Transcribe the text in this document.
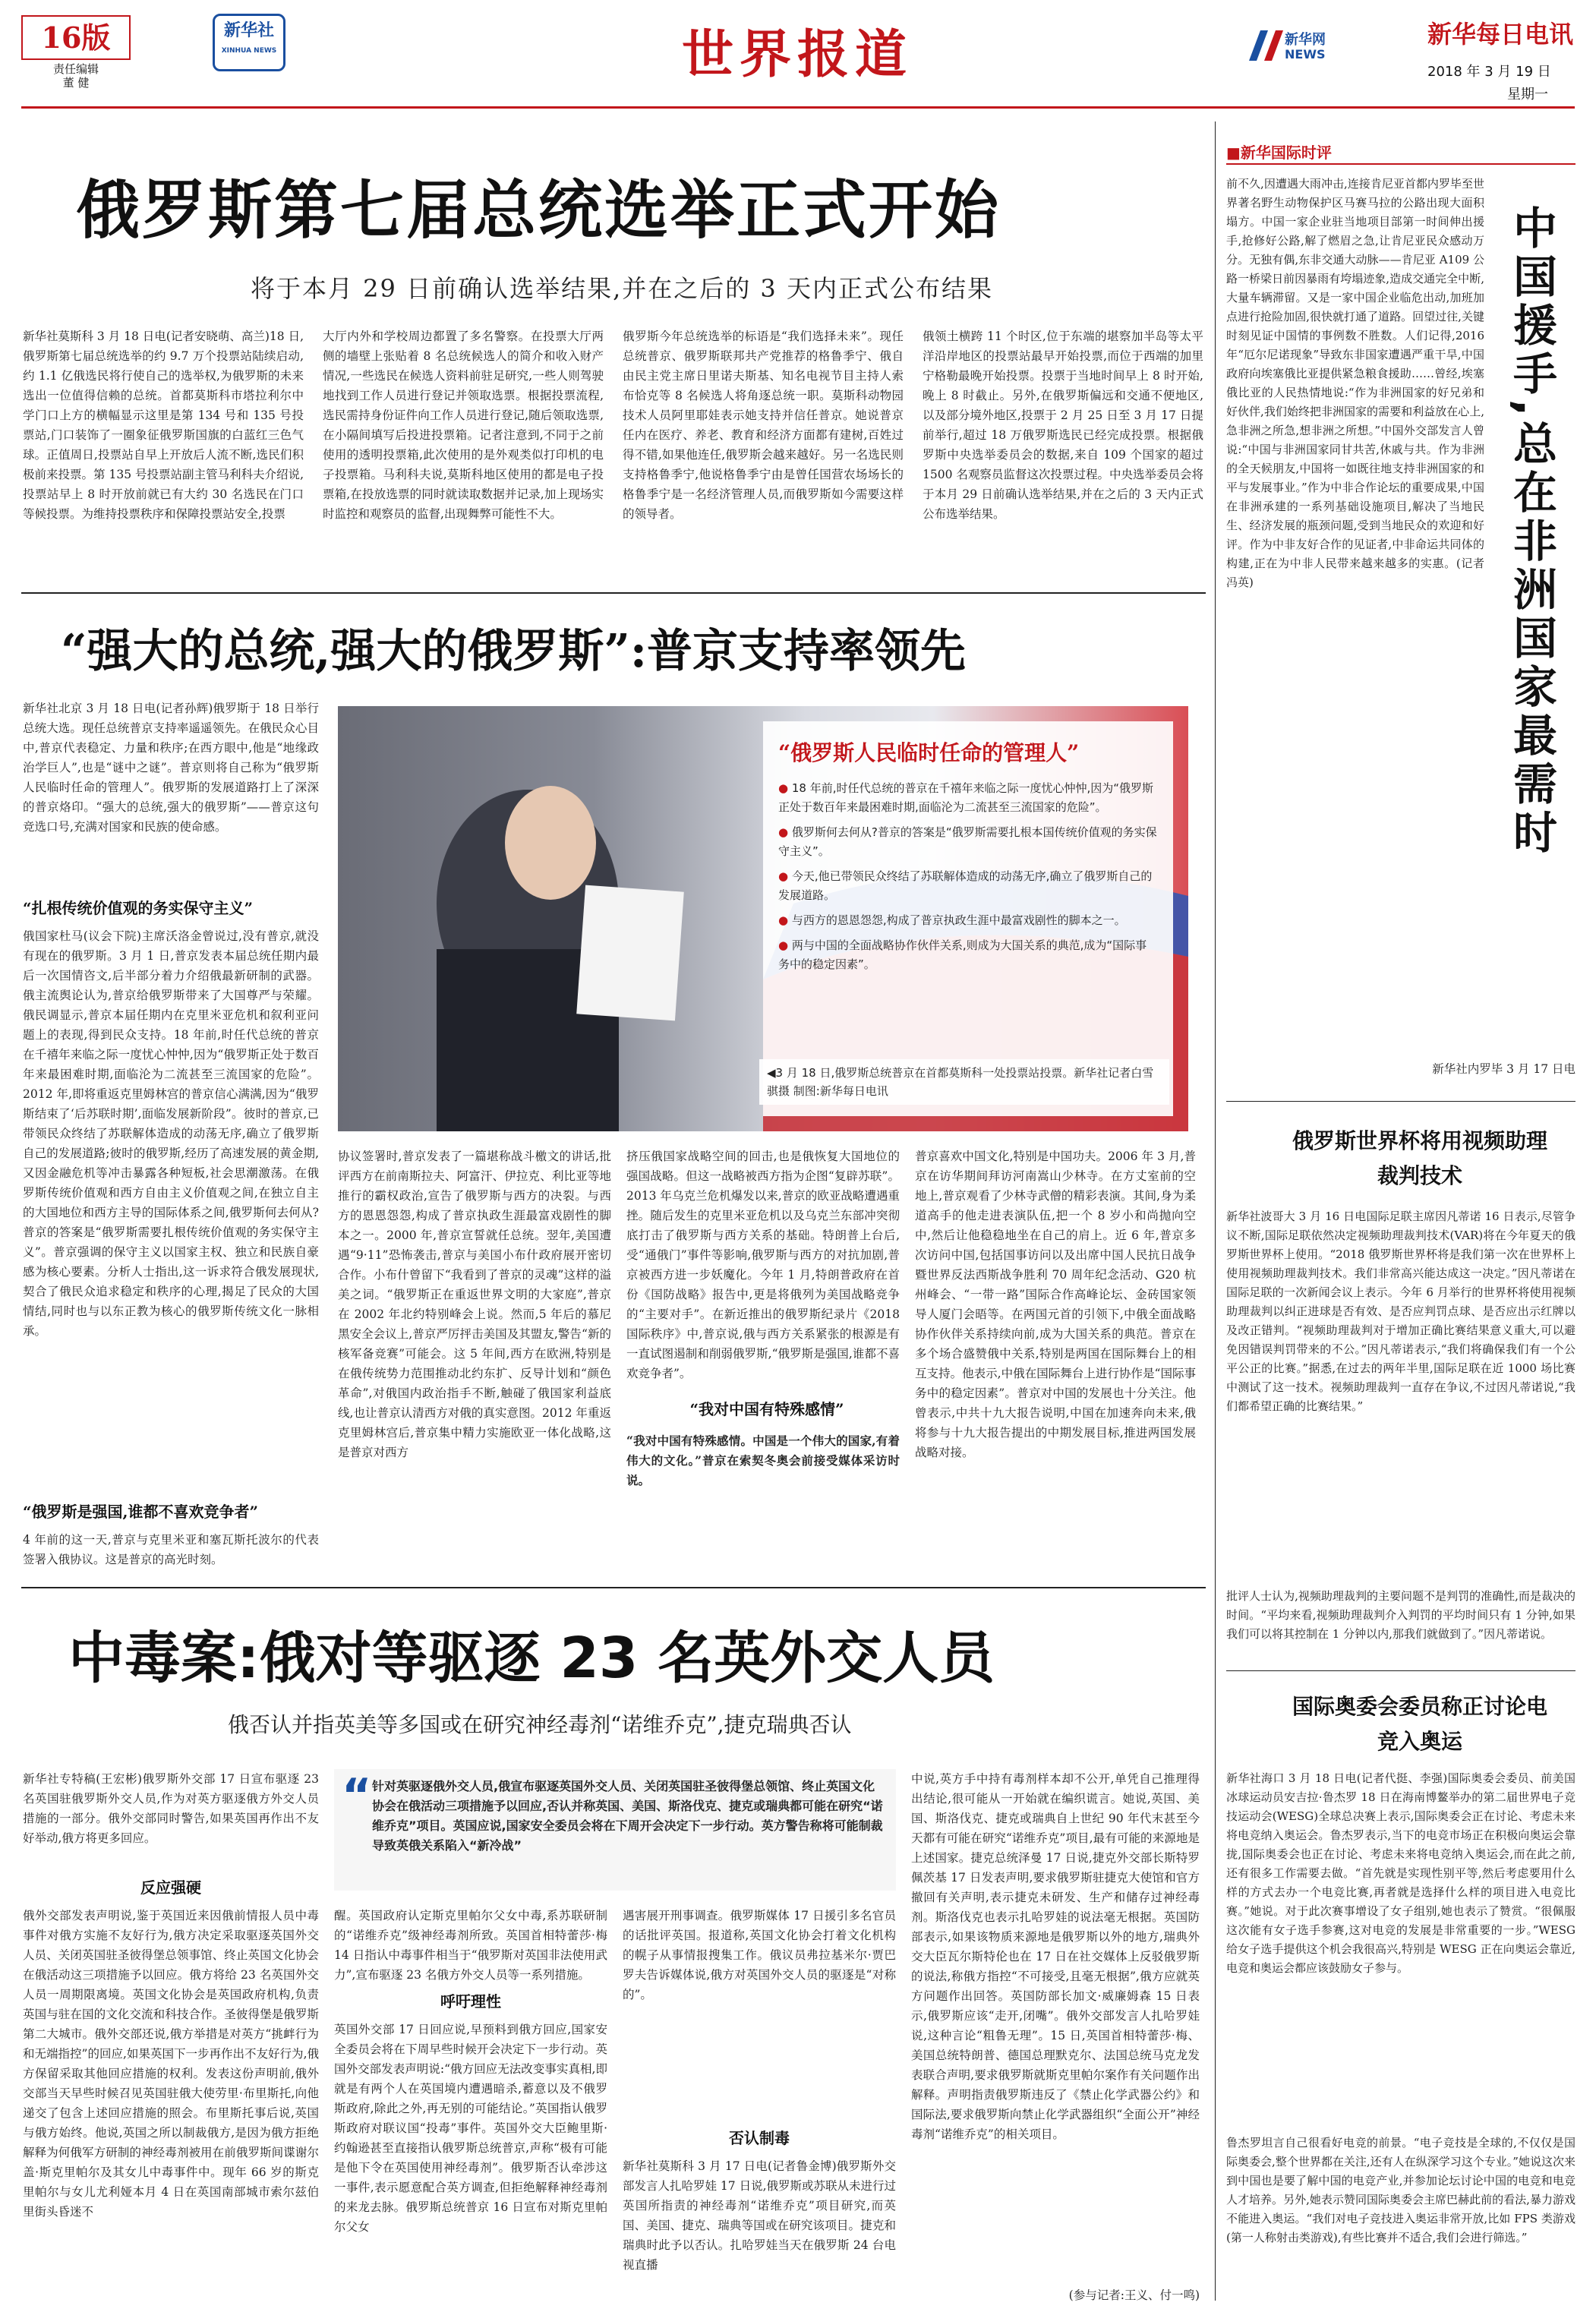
16版
责任编辑
董 健
新华社
XINHUA NEWS	世界报道	新华网
NEWS
新华每日电讯
2018 年 3 月 19 日
星期一
俄罗斯第七届总统选举正式开始
将于本月 29 日前确认选举结果,并在之后的 3 天内正式公布结果
新华社莫斯科 3 月 18 日电(记者安晓萌、高兰)18 日,俄罗斯第七届总统选举的约 9.7 万个投票站陆续启动,约 1.1 亿俄选民将行使自己的选举权,为俄罗斯的未来选出一位值得信赖的总统。首都莫斯科市塔拉利尔中学门口上方的横幅显示这里是第 134 号和 135 号投票站,门口装饰了一圈象征俄罗斯国旗的白蓝红三色气球。正值周日,投票站自早上开放后人流不断,选民们积极前来投票。第 135 号投票站副主管马利科夫介绍说,投票站早上 8 时开放前就已有大约 30 名选民在门口等候投票。为维持投票秩序和保障投票站安全,投票
大厅内外和学校周边都置了多名警察。在投票大厅两侧的墙壁上张贴着 8 名总统候选人的简介和收入财产情况,一些选民在候选人资料前驻足研究,一些人则驾驶地找到工作人员进行登记并领取选票。根据投票流程,选民需持身份证件向工作人员进行登记,随后领取选票,在小隔间填写后投进投票箱。记者注意到,不同于之前使用的透明投票箱,此次使用的是外观类似打印机的电子投票箱。马利科夫说,莫斯科地区使用的都是电子投票箱,在投放选票的同时就读取数据并记录,加上现场实时监控和观察员的监督,出现舞弊可能性不大。
俄罗斯今年总统选举的标语是“我们选择未来”。现任总统普京、俄罗斯联邦共产党推荐的格鲁季宁、俄自由民主党主席日里诺夫斯基、知名电视节目主持人索布恰克等 8 名候选人将角逐总统一职。莫斯科动物园技术人员阿里耶娃表示她支持并信任普京。她说普京任内在医疗、养老、教育和经济方面都有建树,百姓过得不错,如果他连任,俄罗斯会越来越好。另一名选民则支持格鲁季宁,他说格鲁季宁由是曾任国营农场场长的格鲁季宁是一名经济管理人员,而俄罗斯如今需要这样的领导者。
俄领土横跨 11 个时区,位于东端的堪察加半岛等太平洋沿岸地区的投票站最早开始投票,而位于西端的加里宁格勒最晚开始投票。投票于当地时间早上 8 时开始,晚上 8 时截止。另外,在俄罗斯偏远和交通不便地区,以及部分境外地区,投票于 2 月 25 日至 3 月 17 日提前举行,超过 18 万俄罗斯选民已经完成投票。根据俄罗斯中央选举委员会的数据,来自 109 个国家的超过 1500 名观察员监督这次投票过程。中央选举委员会将于本月 29 日前确认选举结果,并在之后的 3 天内正式公布选举结果。
“强大的总统,强大的俄罗斯”:普京支持率领先
新华社北京 3 月 18 日电(记者孙辉)俄罗斯于 18 日举行总统大选。现任总统普京支持率遥遥领先。在俄民众心目中,普京代表稳定、力量和秩序;在西方眼中,他是“地缘政治学巨人”,也是“谜中之谜”。普京则将自己称为“俄罗斯人民临时任命的管理人”。俄罗斯的发展道路打上了深深的普京烙印。“强大的总统,强大的俄罗斯”——普京这句竞选口号,充满对国家和民族的使命感。
“扎根传统价值观的务实保守主义”
俄国家杜马(议会下院)主席沃洛金曾说过,没有普京,就没有现在的俄罗斯。3 月 1 日,普京发表本届总统任期内最后一次国情咨文,后半部分着力介绍俄最新研制的武器。俄主流舆论认为,普京给俄罗斯带来了大国尊严与荣耀。俄民调显示,普京本届任期内在克里米亚危机和叙利亚问题上的表现,得到民众支持。18 年前,时任代总统的普京在千禧年来临之际一度忧心忡忡,因为“俄罗斯正处于数百年来最困难时期,面临沦为二流甚至三流国家的危险”。2012 年,即将重返克里姆林宫的普京信心满满,因为“俄罗斯结束了‘后苏联时期’,面临发展新阶段”。彼时的普京,已带领民众终结了苏联解体造成的动荡无序,确立了俄罗斯自己的发展道路;彼时的俄罗斯,经历了高速发展的黄金期,又因金融危机等冲击暴露各种短板,社会思潮激荡。在俄罗斯传统价值观和西方自由主义价值观之间,在独立自主的大国地位和西方主导的国际体系之间,俄罗斯何去何从?普京的答案是“俄罗斯需要扎根传统价值观的务实保守主义”。普京强调的保守主义以国家主权、独立和民族自豪感为核心要素。分析人士指出,这一诉求符合俄发展现状,契合了俄民众追求稳定和秩序的心理,揭足了民众的大国情结,同时也与以东正教为核心的俄罗斯传统文化一脉相承。
“俄罗斯是强国,谁都不喜欢竞争者”
4 年前的这一天,普京与克里米亚和塞瓦斯托波尔的代表签署入俄协议。这是普京的高光时刻。
“俄罗斯人民临时任命的管理人”
● 18 年前,时任代总统的普京在千禧年来临之际一度忧心忡忡,因为“俄罗斯正处于数百年来最困难时期,面临沦为二流甚至三流国家的危险”。
● 俄罗斯何去何从?普京的答案是“俄罗斯需要扎根本国传统价值观的务实保守主义”。
● 今天,他已带领民众终结了苏联解体造成的动荡无序,确立了俄罗斯自己的发展道路。
● 与西方的恩恩怨怨,构成了普京执政生涯中最富戏剧性的脚本之一。
● 两与中国的全面战略协作伙伴关系,则成为大国关系的典范,成为“国际事务中的稳定因素”。
◀3 月 18 日,俄罗斯总统普京在首都莫斯科一处投票站投票。新华社记者白雪骐摄 制图:新华每日电讯
协议签署时,普京发表了一篇堪称战斗檄文的讲话,批评西方在前南斯拉夫、阿富汗、伊拉克、利比亚等地推行的霸权政治,宣告了俄罗斯与西方的决裂。与西方的恩恩怨怨,构成了普京执政生涯最富戏剧性的脚本之一。2000 年,普京宣誓就任总统。翌年,美国遭遇“9·11”恐怖袭击,普京与美国小布什政府展开密切合作。小布什曾留下“我看到了普京的灵魂”这样的溢美之词。“俄罗斯正在重返世界文明的大家庭”,普京在 2002 年北约特别峰会上说。然而,5 年后的慕尼黑安全会议上,普京严厉抨击美国及其盟友,警告“新的核军备竞赛”可能会。这 5 年间,西方在欧洲,特别是在俄传统势力范围推动北约东扩、反导计划和“颜色革命”,对俄国内政治指手不断,触碰了俄国家利益底线,也让普京认清西方对俄的真实意图。2012 年重返克里姆林宫后,普京集中精力实施欧亚一体化战略,这是普京对西方
挤压俄国家战略空间的回击,也是俄恢复大国地位的强国战略。但这一战略被西方指为企图“复辟苏联”。2013 年乌克兰危机爆发以来,普京的欧亚战略遭遇重挫。随后发生的克里米亚危机以及乌克兰东部冲突彻底打击了俄罗斯与西方关系的基础。特朗普上台后,受“通俄门”事件等影响,俄罗斯与西方的对抗加剧,普京被西方进一步妖魔化。今年 1 月,特朗普政府在首份《国防战略》报告中,更是将俄列为美国战略竞争的“主要对手”。在新近推出的俄罗斯纪录片《2018 国际秩序》中,普京说,俄与西方关系紧张的根源是有一直试图遏制和削弱俄罗斯,“俄罗斯是强国,谁都不喜欢竞争者”。
“我对中国有特殊感情”
“我对中国有特殊感情。中国是一个伟大的国家,有着伟大的文化。”普京在索契冬奥会前接受媒体采访时说。
普京喜欢中国文化,特别是中国功夫。2006 年 3 月,普京在访华期间拜访河南嵩山少林寺。在方丈室前的空地上,普京观看了少林寺武僧的精彩表演。其间,身为柔道高手的他走进表演队伍,把一个 8 岁小和尚抛向空中,然后让他稳稳地坐在自己的肩上。近 6 年,普京多次访问中国,包括国事访问以及出席中国人民抗日战争暨世界反法西斯战争胜利 70 周年纪念活动、G20 杭州峰会、“一带一路”国际合作高峰论坛、金砖国家领导人厦门会晤等。在两国元首的引领下,中俄全面战略协作伙伴关系持续向前,成为大国关系的典范。普京在多个场合盛赞俄中关系,特别是两国在国际舞台上的相互支持。他表示,中俄在国际舞台上进行协作是“国际事务中的稳定因素”。普京对中国的发展也十分关注。他曾表示,中共十九大报告说明,中国在加速奔向未来,俄将参与十九大报告提出的中期发展目标,推进两国发展战略对接。
中毒案:俄对等驱逐 23 名英外交人员
俄否认并指英美等多国或在研究神经毒剂“诺维乔克”,捷克瑞典否认
新华社专特稿(王宏彬)俄罗斯外交部 17 日宣布驱逐 23 名英国驻俄罗斯外交人员,作为对英方驱逐俄方外交人员措施的一部分。俄外交部同时警告,如果英国再作出不友好举动,俄方将更多回应。
反应强硬
俄外交部发表声明说,鉴于英国近来因俄前情报人员中毒事件对俄方实施不友好行为,俄方决定采取驱逐英国外交人员、关闭英国驻圣彼得堡总领事馆、终止英国文化协会在俄活动这三项措施予以回应。俄方将给 23 名英国外交人员一周期限离境。英国文化协会是英国政府机构,负责英国与驻在国的文化交流和科技合作。圣彼得堡是俄罗斯第二大城市。俄外交部还说,俄方举措是对英方“挑衅行为和无端指控”的回应,如果英国下一步再作出不友好行为,俄方保留采取其他回应措施的权利。发表这份声明前,俄外交部当天早些时候召见英国驻俄大使劳里·布里斯托,向他递交了包含上述回应措施的照会。布里斯托事后说,英国与俄方始终。他说,英国之所以制裁俄方,是因为俄方拒绝解释为何俄军方研制的神经毒剂被用在前俄罗斯间谍谢尔盖·斯克里帕尔及其女儿中毒事件中。现年 66 岁的斯克里帕尔与女儿尤利娅本月 4 日在英国南部城市索尔兹伯里街头昏迷不
“ 针对英驱逐俄外交人员,俄宣布驱逐英国外交人员、关闭英国驻圣彼得堡总领馆、终止英国文化协会在俄活动三项措施予以回应,否认并称英国、美国、斯洛伐克、捷克或瑞典都可能在研究“诺维乔克”项目。英国应说,国家安全委员会将在下周开会决定下一步行动。英方警告称将可能制裁导致英俄关系陷入“新冷战”
醒。英国政府认定斯克里帕尔父女中毒,系苏联研制的“诺维乔克”级神经毒剂所致。英国首相特蕾莎·梅 14 日指认中毒事件相当于“俄罗斯对英国非法使用武力”,宣布驱逐 23 名俄方外交人员等一系列措施。
呼吁理性
英国外交部 17 日回应说,早预料到俄方回应,国家安全委员会将在下周早些时候开会决定下一步行动。英国外交部发表声明说:“俄方回应无法改变事实真相,即就是有两个人在英国境内遭遇暗杀,蓄意以及不俄罗斯政府,除此之外,再无别的可能结论。”英国指认俄罗斯政府对联议国“投毒”事件。英国外交大臣鲍里斯·约翰逊甚至直接指认俄罗斯总统普京,声称“极有可能是他下令在英国使用神经毒剂”。俄罗斯否认牵涉这一事件,表示愿意配合英方调查,但拒绝解释神经毒剂的来龙去脉。俄罗斯总统普京 16 日宣布对斯克里帕尔父女
遇害展开刑事调查。俄罗斯媒体 17 日援引多名官员的话批评英国。报道称,英国文化协会打着文化机构的幌子从事情报搜集工作。俄议员弗拉基米尔·贾巴罗夫告诉媒体说,俄方对英国外交人员的驱逐是“对称的”。
否认制毒
新华社莫斯科 3 月 17 日电(记者鲁金博)俄罗斯外交部发言人扎哈罗娃 17 日说,俄罗斯或苏联从未进行过英国所指责的神经毒剂“诺维乔克”项目研究,而英国、美国、捷克、瑞典等国或在研究该项目。捷克和瑞典时此予以否认。扎哈罗娃当天在俄罗斯 24 台电视直播
中说,英方手中持有毒剂样本却不公开,单凭自己推理得出结论,很可能从一开始就在编织谎言。她说,英国、美国、斯洛伐克、捷克或瑞典自上世纪 90 年代末甚至今天都有可能在研究“诺维乔克”项目,最有可能的来源地是上述国家。捷克总统泽曼 17 日说,捷克外交部长斯特罗佩茨基 17 日发表声明,要求俄罗斯驻捷克大使馆和官方撤回有关声明,表示捷克未研发、生产和储存过神经毒剂。斯洛伐克也表示扎哈罗娃的说法毫无根据。英国防部表示,如果该物质来源地是俄罗斯以外的地方,瑞典外交大臣瓦尔斯特伦也在 17 日在社交媒体上反驳俄罗斯的说法,称俄方指控“不可接受,且毫无根据”,俄方应就英方问题作出回答。英国防部长加文·威廉姆森 15 日表示,俄罗斯应该“走开,闭嘴”。俄外交部发言人扎哈罗娃说,这种言论“粗鲁无理”。15 日,英国首相特蕾莎·梅、美国总统特朗普、德国总理默克尔、法国总统马克龙发表联合声明,要求俄罗斯就斯克里帕尔案作有关问题作出解释。声明指责俄罗斯违反了《禁止化学武器公约》和国际法,要求俄罗斯向禁止化学武器组织“全面公开”神经毒剂“诺维乔克”的相关项目。
(参与记者:王义、付一鸣)
■新华国际时评
前不久,因遭遇大雨冲击,连接肯尼亚首都内罗毕至世界著名野生动物保护区马赛马拉的公路出现大面积塌方。中国一家企业驻当地项目部第一时间伸出援手,抢修好公路,解了燃眉之急,让肯尼亚民众感动万分。无独有偶,东非交通大动脉——肯尼亚 A109 公路一桥梁日前因暴雨有垮塌迹象,造成交通完全中断,大量车辆滞留。又是一家中国企业临危出动,加班加点进行抢险加固,很快就打通了道路。回望过往,关键时刻见证中国情的事例数不胜数。人们记得,2016年“厄尔尼诺现象”导致东非国家遭遇严重干旱,中国政府向埃塞俄比亚提供紧急粮食援助……曾经,埃塞俄比亚的人民热情地说:“作为非洲国家的好兄弟和好伙伴,我们始终把非洲国家的需要和利益放在心上,急非洲之所急,想非洲之所想。”中国外交部发言人曾说:“中国与非洲国家同甘共苦,休戚与共。作为非洲的全天候朋友,中国将一如既往地支持非洲国家的和平与发展事业。”作为中非合作论坛的重要成果,中国在非洲承建的一系列基础设施项目,解决了当地民生、经济发展的瓶颈问题,受到当地民众的欢迎和好评。作为中非友好合作的见证者,中非命运共同体的构建,正在为中非人民带来越来越多的实惠。(记者冯英)	中国援手,总在非洲国家最需时
新华社内罗毕 3 月 17 日电
俄罗斯世界杯将用视频助理裁判技术
新华社波哥大 3 月 16 日电国际足联主席因凡蒂诺 16 日表示,尽管争议不断,国际足联依然决定视频助理裁判技术(VAR)将在今年夏天的俄罗斯世界杯上使用。“2018 俄罗斯世界杯将是我们第一次在世界杯上使用视频助理裁判技术。我们非常高兴能达成这一决定。”因凡蒂诺在国际足联的一次新闻会议上表示。今年 6 月举行的世界杯将使用视频助理裁判以纠正进球是否有效、是否应判罚点球、是否应出示红牌以及改正错判。“视频助理裁判对于增加正确比赛结果意义重大,可以避免因错误判罚带来的不公。”因凡蒂诺表示,“我们将确保我们有一个公平公正的比赛。”据悉,在过去的两年半里,国际足联在近 1000 场比赛中测试了这一技术。视频助理裁判一直存在争议,不过因凡蒂诺说,“我们都希望正确的比赛结果。”
批评人士认为,视频助理裁判的主要问题不是判罚的准确性,而是裁决的时间。“平均来看,视频助理裁判介入判罚的平均时间只有 1 分钟,如果我们可以将其控制在 1 分钟以内,那我们就做到了。”因凡蒂诺说。
国际奥委会委员称正讨论电竞入奥运
新华社海口 3 月 18 日电(记者代挺、李强)国际奥委会委员、前美国冰球运动员安吉拉·鲁杰罗 18 日在海南博鳌举办的第二届世界电子竞技运动会(WESG)全球总决赛上表示,国际奥委会正在讨论、考虑未来将电竞纳入奥运会。鲁杰罗表示,当下的电竞市场正在积极向奥运会靠拢,国际奥委会也正在讨论、考虑未来将电竞纳入奥运会,而在此之前,还有很多工作需要去做。“首先就是实现性别平等,然后考虑要用什么样的方式去办一个电竞比赛,再者就是选择什么样的项目进入电竞比赛。”她说。对于此次赛事增设了女子组别,她也表示了赞赏。“很佩服这次能有女子选手参赛,这对电竞的发展是非常重要的一步。”WESG 给女子选手提供这个机会我很高兴,特别是 WESG 正在向奥运会靠近,电竞和奥运会都应该鼓励女子参与。
鲁杰罗坦言自己很看好电竞的前景。“电子竞技是全球的,不仅仅是国际奥委会,整个世界都在关注,还有人在纵深学习这个专业。”她说这次来到中国也是要了解中国的电竞产业,并参加论坛讨论中国的电竞和电竞人才培养。另外,她表示赞同国际奥委会主席巴赫此前的看法,暴力游戏不能进入奥运。“我们对电子竞技进入奥运非常开放,比如 FPS 类游戏(第一人称射击类游戏),有些比赛并不适合,我们会进行筛选。”
